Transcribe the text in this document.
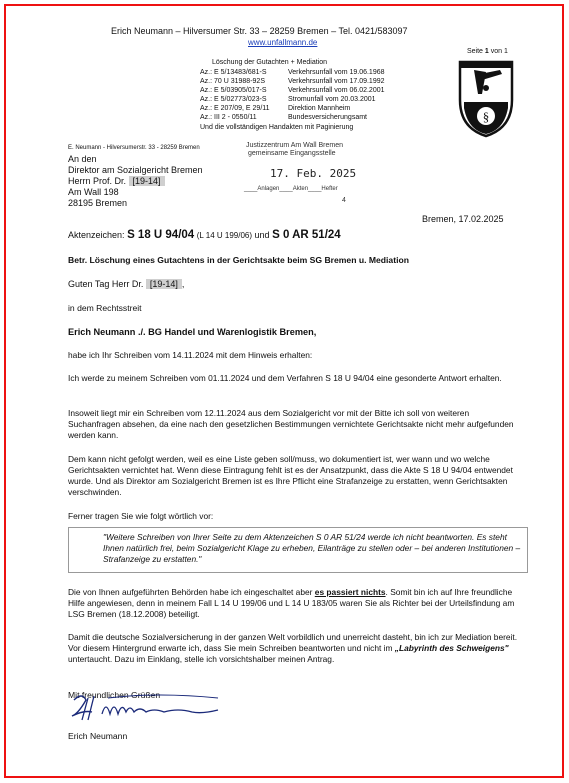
Erich Neumann – Hilversumer Str. 33 – 28259 Bremen – Tel. 0421/583097
www.unfallmann.de
Seite 1 von 1
§
Löschung der Gutachten + Mediation
Az.: E 5/13483/681-S	Verkehrsunfall vom 19.06.1968
Az.: 70 U 31988-92S	Verkehrsunfall vom 17.09.1992
Az.: E 5/03905/017-S	Verkehrsunfall vom 06.02.2001
Az.: E 5/02773/023-S	Stromunfall vom 20.03.2001
Az.: E 207/09, E 29/11	Direktion Mannheim
Az.: III 2 - 0550/11	Bundesversicherungsamt
Und die vollständigen Handakten mit Paginierung
E. Neumann - Hilversumerstr. 33 - 28259 Bremen
An den
Direktor am Sozialgericht Bremen
Herrn Prof. Dr. [19-14]
Am Wall 198
28195 Bremen
Justizzentrum Am Wall Bremen
gemeinsame Eingangsstelle
17. Feb. 2025
____Anlagen____Akten____Hefter
4
Bremen, 17.02.2025
Aktenzeichen: S 18 U 94/04 (L 14 U 199/06) und S 0 AR 51/24
Betr. Löschung eines Gutachtens in der Gerichtsakte beim SG Bremen u. Mediation
Guten Tag Herr Dr. [19-14] ,
in dem Rechtsstreit
Erich Neumann ./. BG Handel und Warenlogistik Bremen,
habe ich Ihr Schreiben vom 14.11.2024 mit dem Hinweis erhalten:
Ich werde zu meinem Schreiben vom 01.11.2024 und dem Verfahren S 18 U 94/04 eine gesonderte Antwort erhalten.
Insoweit liegt mir ein Schreiben vom 12.11.2024 aus dem Sozialgericht vor mit der Bitte ich soll von weiteren Suchanfragen absehen, da eine nach den gesetzlichen Bestimmungen vernichtete Gerichtsakte nicht mehr aufgefunden werden kann.
Dem kann nicht gefolgt werden, weil es eine Liste geben soll/muss, wo dokumentiert ist, wer wann und wo welche Gerichtsakten vernichtet hat. Wenn diese Eintragung fehlt ist es der Ansatzpunkt, dass die Akte S 18 U 94/04 entwendet wurde. Und als Direktor am Sozialgericht Bremen ist es Ihre Pflicht eine Strafanzeige zu erstatten, wenn Gerichtsakten verschwinden.
Ferner tragen Sie wie folgt wörtlich vor:
"Weitere Schreiben von Ihrer Seite zu dem Aktenzeichen S 0 AR 51/24 werde ich nicht beantworten. Es steht Ihnen natürlich frei, beim Sozialgericht Klage zu erheben, Eilanträge zu stellen oder – bei anderen Institutionen – Strafanzeige zu erstatten."
Die von Ihnen aufgeführten Behörden habe ich eingeschaltet aber es passiert nichts. Somit bin ich auf Ihre freundliche Hilfe angewiesen, denn in meinem Fall L 14 U 199/06 und L 14 U 183/05 waren Sie als Richter bei der Urteilsfindung am LSG Bremen (18.12.2008) beteiligt.
Damit die deutsche Sozialversicherung in der ganzen Welt vorbildlich und unerreicht dasteht, bin ich zur Mediation bereit. Vor diesem Hintergrund erwarte ich, dass Sie mein Schreiben beantworten und nicht im „Labyrinth des Schweigens" untertaucht. Dazu im Einklang, stelle ich vorsichtshalber meinen Antrag.
Mit freundlichen Grüßen
Erich Neumann
